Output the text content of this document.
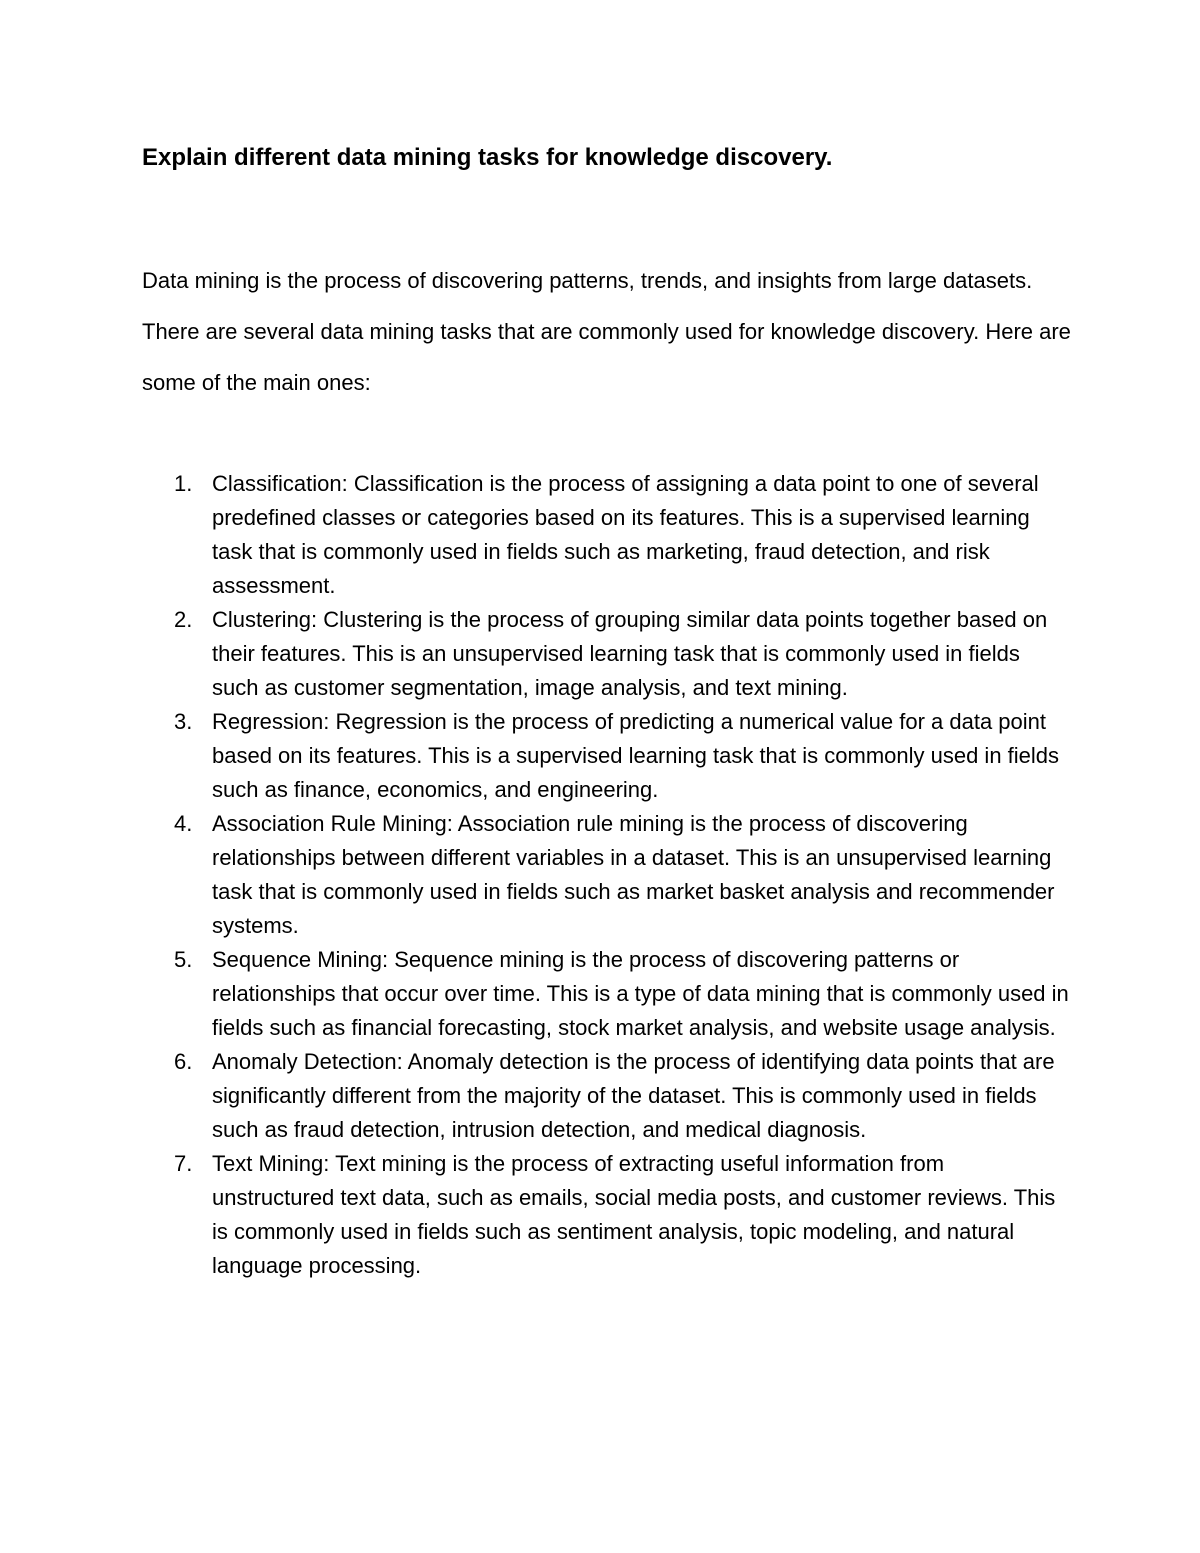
Explain different data mining tasks for knowledge discovery.

Data mining is the process of discovering patterns, trends, and insights from large datasets. There are several data mining tasks that are commonly used for knowledge discovery. Here are some of the main ones:

1. Classification: Classification is the process of assigning a data point to one of several predefined classes or categories based on its features. This is a supervised learning task that is commonly used in fields such as marketing, fraud detection, and risk assessment.
2. Clustering: Clustering is the process of grouping similar data points together based on their features. This is an unsupervised learning task that is commonly used in fields such as customer segmentation, image analysis, and text mining.
3. Regression: Regression is the process of predicting a numerical value for a data point based on its features. This is a supervised learning task that is commonly used in fields such as finance, economics, and engineering.
4. Association Rule Mining: Association rule mining is the process of discovering relationships between different variables in a dataset. This is an unsupervised learning task that is commonly used in fields such as market basket analysis and recommender systems.
5. Sequence Mining: Sequence mining is the process of discovering patterns or relationships that occur over time. This is a type of data mining that is commonly used in fields such as financial forecasting, stock market analysis, and website usage analysis.
6. Anomaly Detection: Anomaly detection is the process of identifying data points that are significantly different from the majority of the dataset. This is commonly used in fields such as fraud detection, intrusion detection, and medical diagnosis.
7. Text Mining: Text mining is the process of extracting useful information from unstructured text data, such as emails, social media posts, and customer reviews. This is commonly used in fields such as sentiment analysis, topic modeling, and natural language processing.
